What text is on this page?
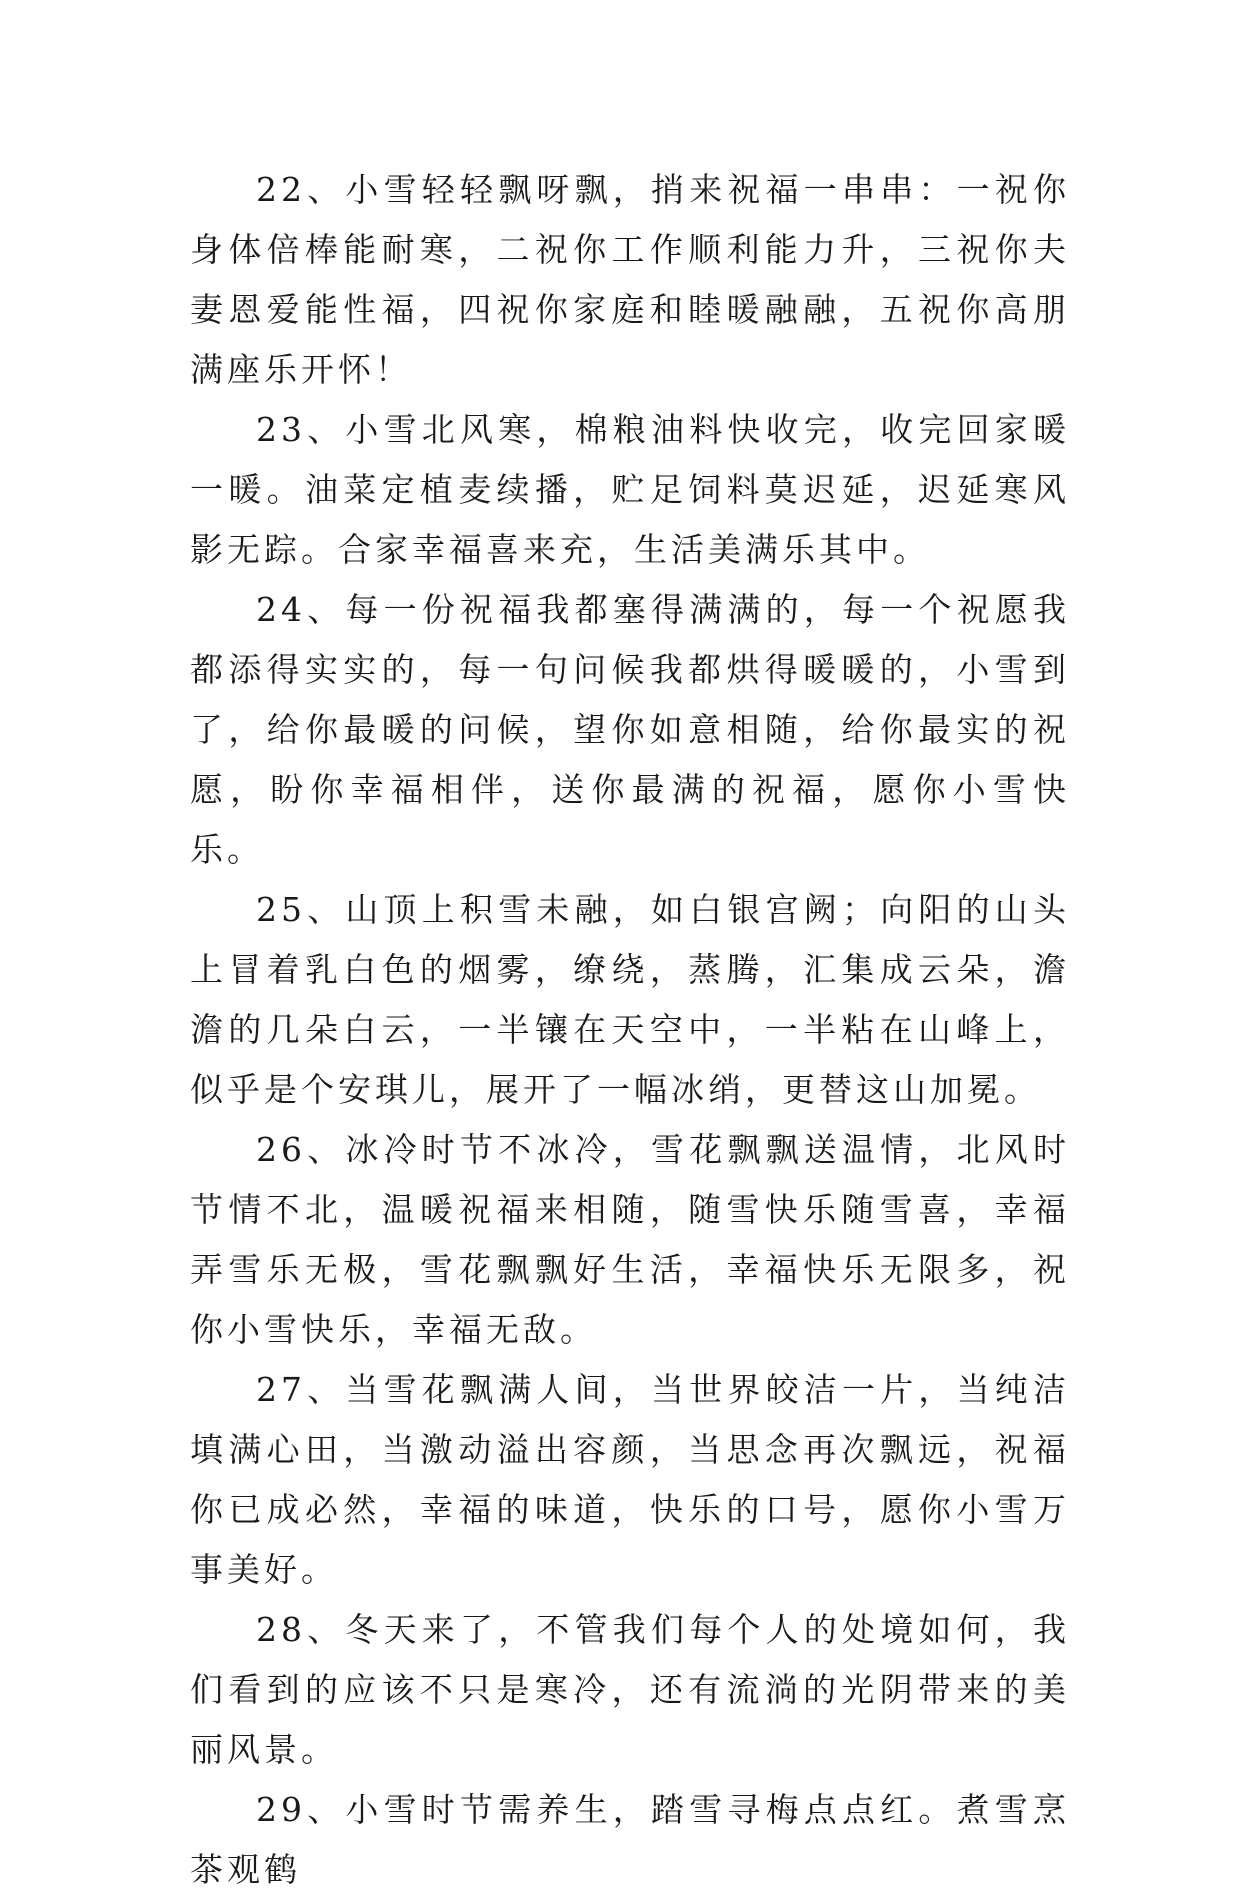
22、小雪轻轻飘呀飘，捎来祝福一串串：一祝你身体倍棒能耐寒，二祝你工作顺利能力升，三祝你夫妻恩爱能性福，四祝你家庭和睦暖融融，五祝你高朋满座乐开怀！

23、小雪北风寒，棉粮油料快收完，收完回家暖一暖。油菜定植麦续播，贮足饲料莫迟延，迟延寒风影无踪。合家幸福喜来充，生活美满乐其中。

24、每一份祝福我都塞得满满的，每一个祝愿我都添得实实的，每一句问候我都烘得暖暖的，小雪到了，给你最暖的问候，望你如意相随，给你最实的祝愿，盼你幸福相伴，送你最满的祝福，愿你小雪快乐。

25、山顶上积雪未融，如白银宫阙；向阳的山头上冒着乳白色的烟雾，缭绕，蒸腾，汇集成云朵，澹澹的几朵白云，一半镶在天空中，一半粘在山峰上，似乎是个安琪儿，展开了一幅冰绡，更替这山加冕。

26、冰冷时节不冰冷，雪花飘飘送温情，北风时节情不北，温暖祝福来相随，随雪快乐随雪喜，幸福弄雪乐无极，雪花飘飘好生活，幸福快乐无限多，祝你小雪快乐，幸福无敌。

27、当雪花飘满人间，当世界皎洁一片，当纯洁填满心田，当激动溢出容颜，当思念再次飘远，祝福你已成必然，幸福的味道，快乐的口号，愿你小雪万事美好。

28、冬天来了，不管我们每个人的处境如何，我们看到的应该不只是寒冷，还有流淌的光阴带来的美丽风景。

29、小雪时节需养生，踏雪寻梅点点红。煮雪烹茶观鹤
